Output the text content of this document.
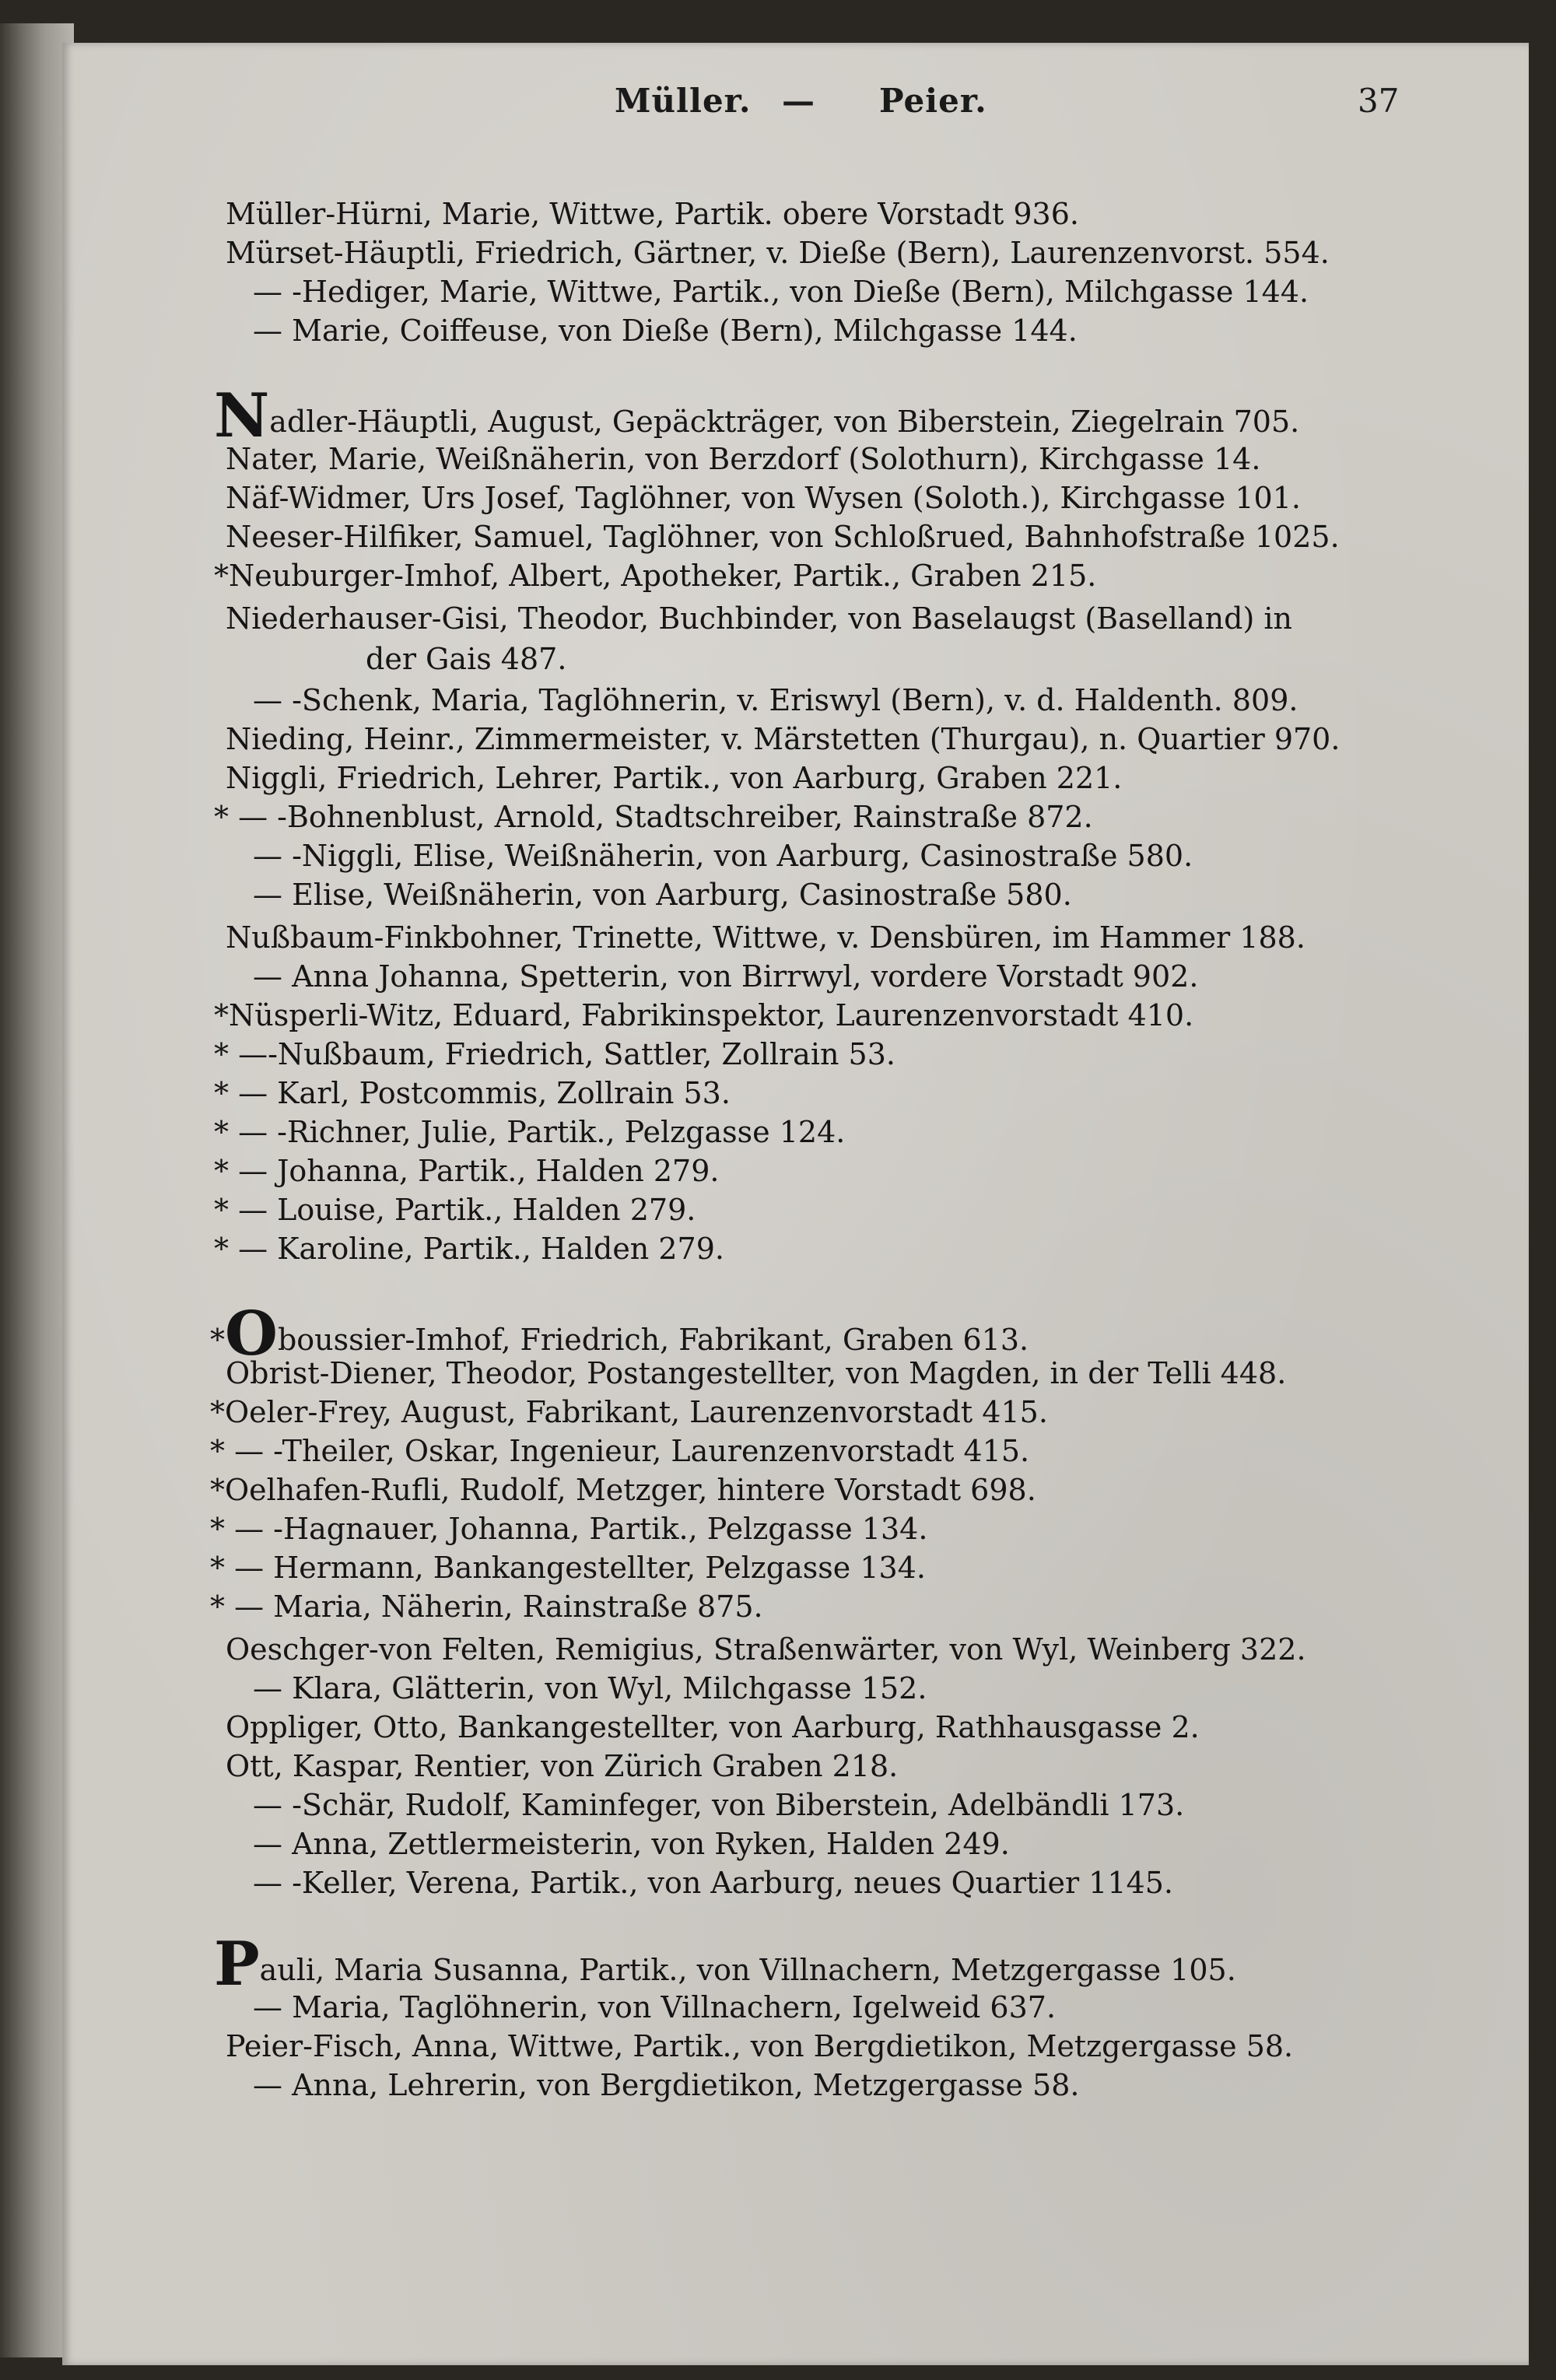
Müller. — Peier.	37
Müller-Hürni, Marie, Wittwe, Partik. obere Vorstadt 936.
Mürset-Häuptli, Friedrich, Gärtner, v. Dieße (Bern), Laurenzenvorst. 554.
— -Hediger, Marie, Wittwe, Partik., von Dieße (Bern), Milchgasse 144.
— Marie, Coiffeuse, von Dieße (Bern), Milchgasse 144.
Nadler-Häuptli, August, Gepäckträger, von Biberstein, Ziegelrain 705.
Nater, Marie, Weißnäherin, von Berzdorf (Solothurn), Kirchgasse 14.
Näf-Widmer, Urs Josef, Taglöhner, von Wysen (Soloth.), Kirchgasse 101.
Neeser-Hilfiker, Samuel, Taglöhner, von Schloßrued, Bahnhofstraße 1025.
*Neuburger-Imhof, Albert, Apotheker, Partik., Graben 215.
Niederhauser-Gisi, Theodor, Buchbinder, von Baselaugst (Baselland) in
der Gais 487.
— -Schenk, Maria, Taglöhnerin, v. Eriswyl (Bern), v. d. Haldenth. 809.
Nieding, Heinr., Zimmermeister, v. Märstetten (Thurgau), n. Quartier 970.
Niggli, Friedrich, Lehrer, Partik., von Aarburg, Graben 221.
* — -Bohnenblust, Arnold, Stadtschreiber, Rainstraße 872.
— -Niggli, Elise, Weißnäherin, von Aarburg, Casinostraße 580.
— Elise, Weißnäherin, von Aarburg, Casinostraße 580.
Nußbaum-Finkbohner, Trinette, Wittwe, v. Densbüren, im Hammer 188.
— Anna Johanna, Spetterin, von Birrwyl, vordere Vorstadt 902.
*Nüsperli-Witz, Eduard, Fabrikinspektor, Laurenzenvorstadt 410.
* —-Nußbaum, Friedrich, Sattler, Zollrain 53.
* — Karl, Postcommis, Zollrain 53.
* — -Richner, Julie, Partik., Pelzgasse 124.
* — Johanna, Partik., Halden 279.
* — Louise, Partik., Halden 279.
* — Karoline, Partik., Halden 279.
*Oboussier-Imhof, Friedrich, Fabrikant, Graben 613.
Obrist-Diener, Theodor, Postangestellter, von Magden, in der Telli 448.
*Oeler-Frey, August, Fabrikant, Laurenzenvorstadt 415.
* — -Theiler, Oskar, Ingenieur, Laurenzenvorstadt 415.
*Oelhafen-Rufli, Rudolf, Metzger, hintere Vorstadt 698.
* — -Hagnauer, Johanna, Partik., Pelzgasse 134.
* — Hermann, Bankangestellter, Pelzgasse 134.
* — Maria, Näherin, Rainstraße 875.
Oeschger-von Felten, Remigius, Straßenwärter, von Wyl, Weinberg 322.
— Klara, Glätterin, von Wyl, Milchgasse 152.
Oppliger, Otto, Bankangestellter, von Aarburg, Rathhausgasse 2.
Ott, Kaspar, Rentier, von Zürich Graben 218.
— -Schär, Rudolf, Kaminfeger, von Biberstein, Adelbändli 173.
— Anna, Zettlermeisterin, von Ryken, Halden 249.
— -Keller, Verena, Partik., von Aarburg, neues Quartier 1145.
Pauli, Maria Susanna, Partik., von Villnachern, Metzgergasse 105.
— Maria, Taglöhnerin, von Villnachern, Igelweid 637.
Peier-Fisch, Anna, Wittwe, Partik., von Bergdietikon, Metzgergasse 58.
— Anna, Lehrerin, von Bergdietikon, Metzgergasse 58.
